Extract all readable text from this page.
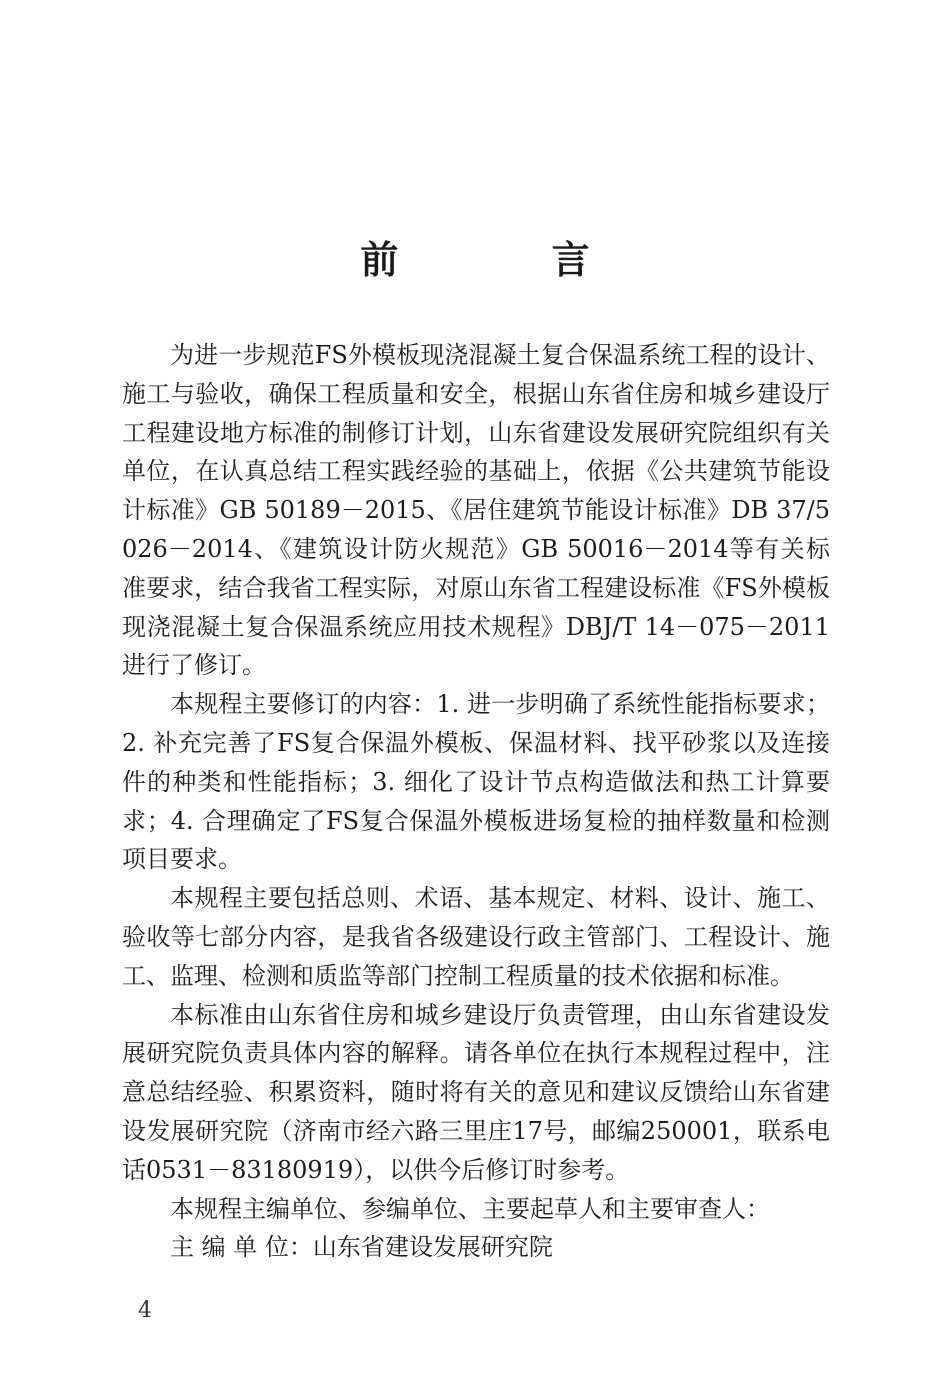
前 言

为进一步规范FS外模板现浇混凝土复合保温系统工程的设计、施工与验收，确保工程质量和安全，根据山东省住房和城乡建设厅工程建设地方标准的制修订计划，山东省建设发展研究院组织有关单位，在认真总结工程实践经验的基础上，依据《公共建筑节能设计标准》GB 50189－2015、《居住建筑节能设计标准》DB 37/5026－2014、《建筑设计防火规范》GB 50016－2014等有关标准要求，结合我省工程实际，对原山东省工程建设标准《FS外模板现浇混凝土复合保温系统应用技术规程》DBJ/T 14－075－2011进行了修订。

本规程主要修订的内容：1. 进一步明确了系统性能指标要求；2. 补充完善了FS复合保温外模板、保温材料、找平砂浆以及连接件的种类和性能指标；3. 细化了设计节点构造做法和热工计算要求；4. 合理确定了FS复合保温外模板进场复检的抽样数量和检测项目要求。

本规程主要包括总则、术语、基本规定、材料、设计、施工、验收等七部分内容，是我省各级建设行政主管部门、工程设计、施工、监理、检测和质监等部门控制工程质量的技术依据和标准。

本标准由山东省住房和城乡建设厅负责管理，由山东省建设发展研究院负责具体内容的解释。请各单位在执行本规程过程中，注意总结经验、积累资料，随时将有关的意见和建议反馈给山东省建设发展研究院（济南市经六路三里庄17号，邮编250001，联系电话0531－83180919），以供今后修订时参考。

本规程主编单位、参编单位、主要起草人和主要审查人：

主 编 单 位：山东省建设发展研究院

4
